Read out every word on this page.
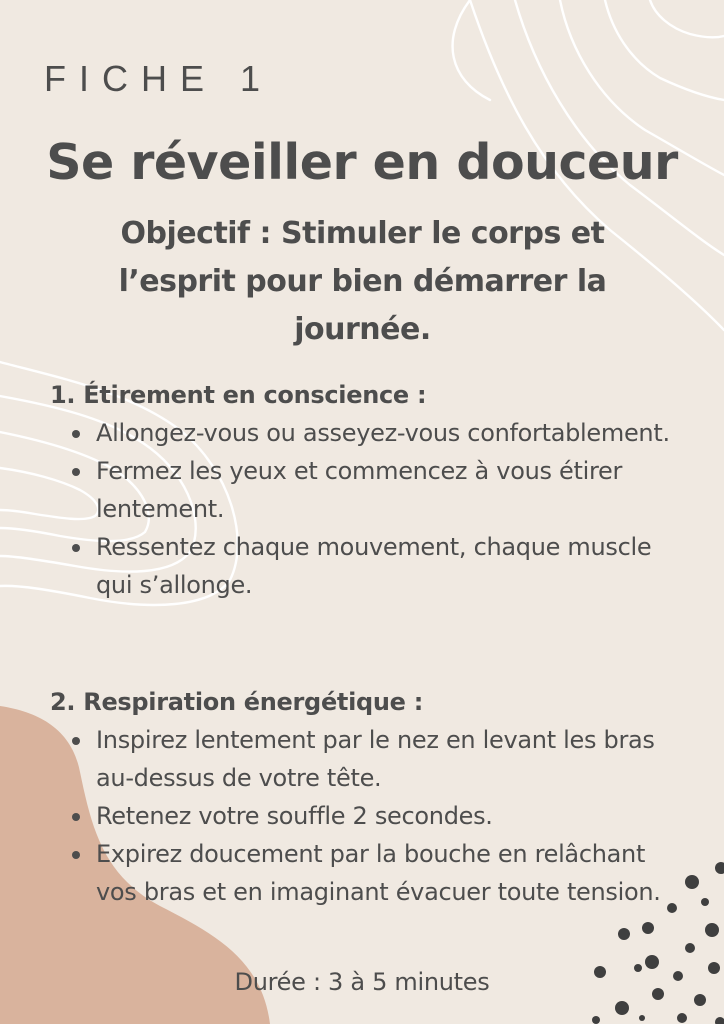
FICHE 1
Se réveiller en douceur

Objectif : Stimuler le corps et l’esprit pour bien démarrer la journée.

1. Étirement en conscience :
Allongez-vous ou asseyez-vous confortablement.
Fermez les yeux et commencez à vous étirer lentement.
Ressentez chaque mouvement, chaque muscle qui s’allonge.
2. Respiration énergétique :
Inspirez lentement par le nez en levant les bras au-dessus de votre tête.
Retenez votre souffle 2 secondes.
Expirez doucement par la bouche en relâchant vos bras et en imaginant évacuer toute tension.

Durée : 3 à 5 minutes
